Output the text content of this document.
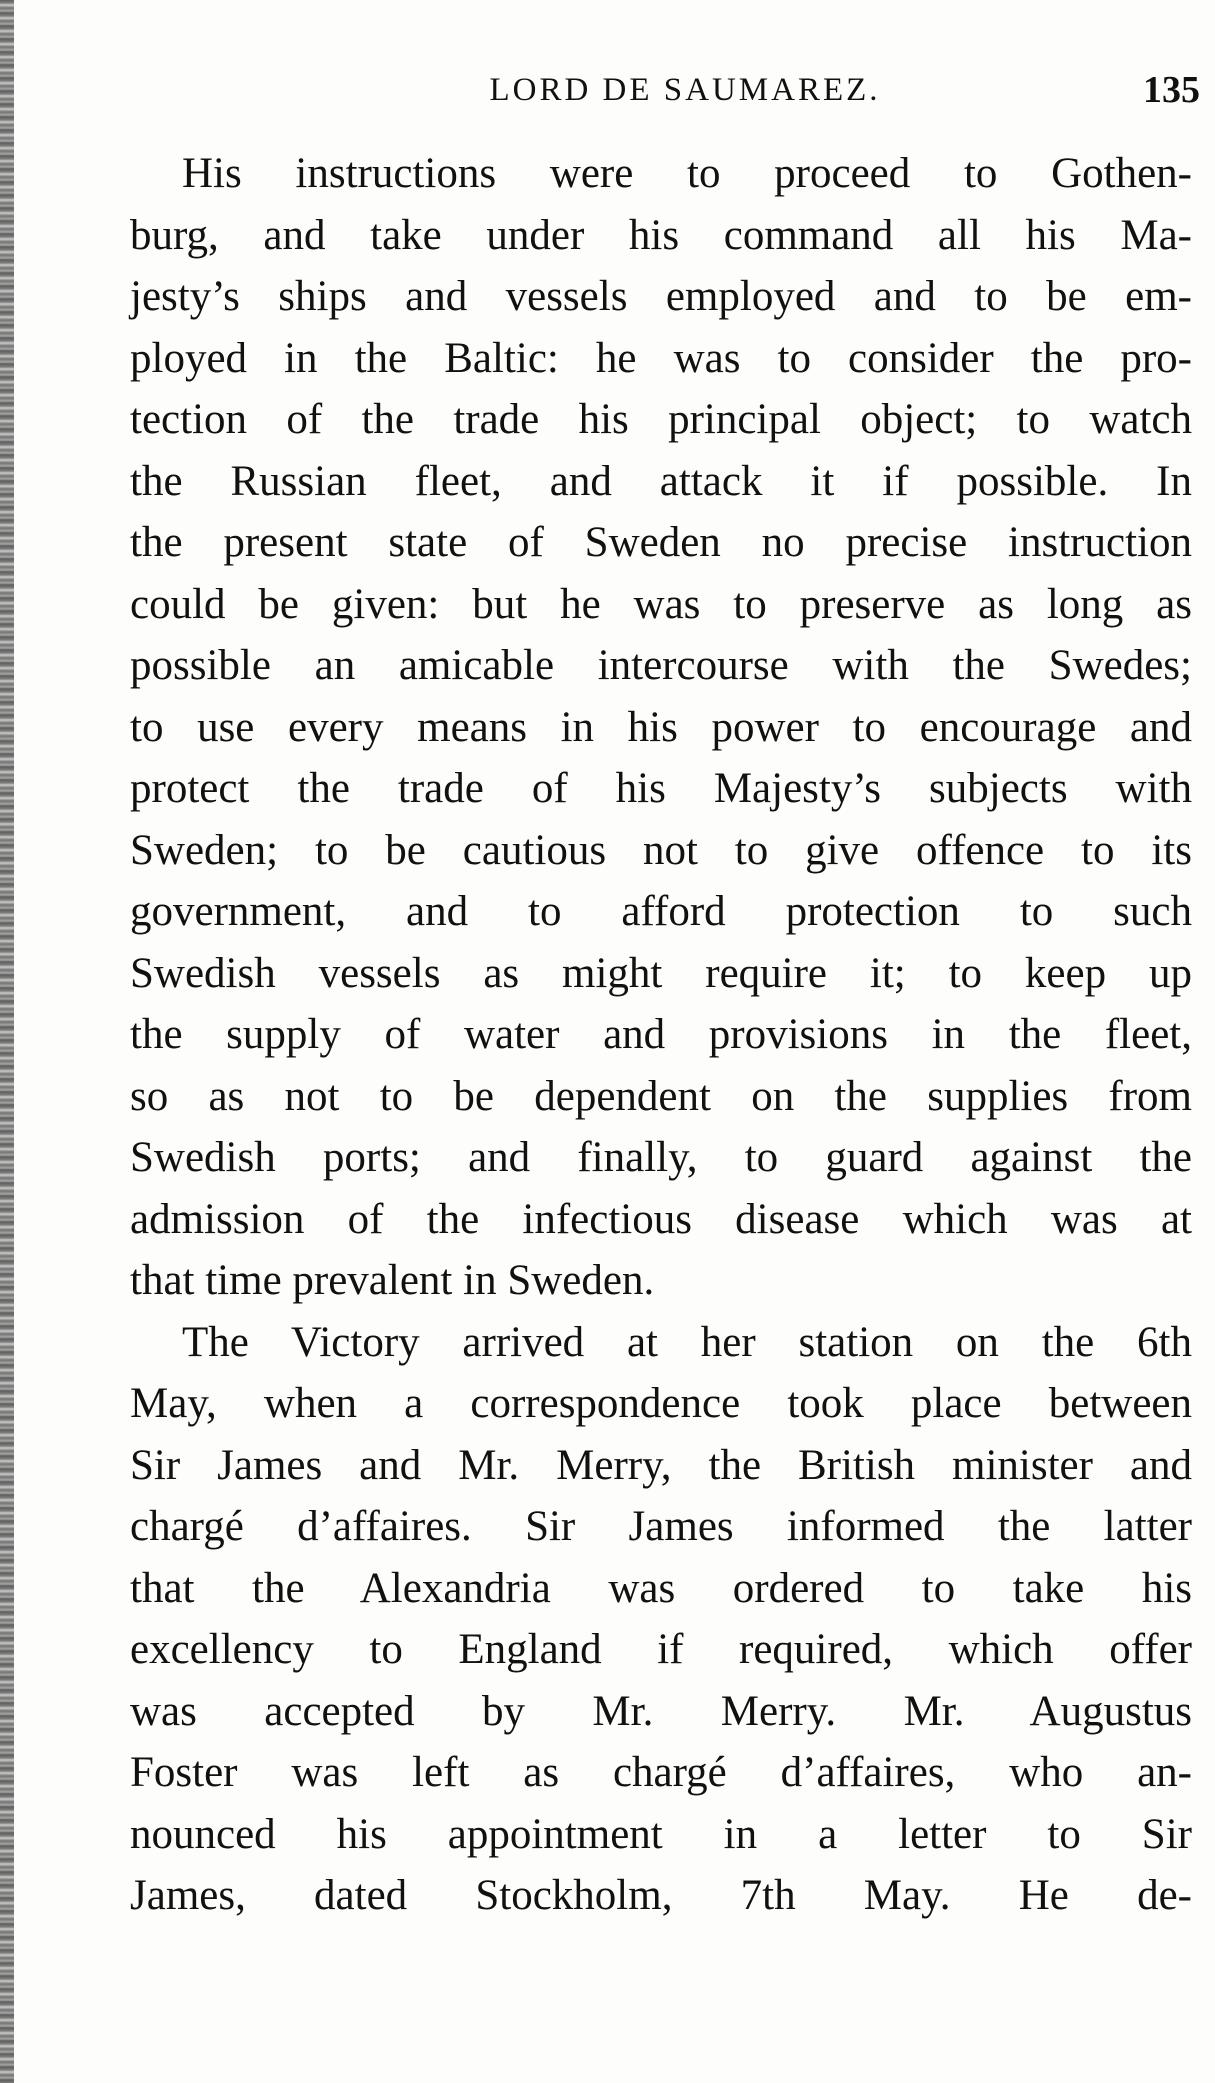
LORD DE SAUMAREZ.	135
His instructions were to proceed to Gothen-
burg, and take under his command all his Ma-
jesty’s ships and vessels employed and to be em-
ployed in the Baltic: he was to consider the pro-
tection of the trade his principal object; to watch
the Russian fleet, and attack it if possible. In
the present state of Sweden no precise instruction
could be given: but he was to preserve as long as
possible an amicable intercourse with the Swedes;
to use every means in his power to encourage and
protect the trade of his Majesty’s subjects with
Sweden; to be cautious not to give offence to its
government, and to afford protection to such
Swedish vessels as might require it; to keep up
the supply of water and provisions in the fleet,
so as not to be dependent on the supplies from
Swedish ports; and finally, to guard against the
admission of the infectious disease which was at
that time prevalent in Sweden.
The Victory arrived at her station on the 6th
May, when a correspondence took place between
Sir James and Mr. Merry, the British minister and
chargé d’affaires. Sir James informed the latter
that the Alexandria was ordered to take his
excellency to England if required, which offer
was accepted by Mr. Merry. Mr. Augustus
Foster was left as chargé d’affaires, who an-
nounced his appointment in a letter to Sir
James, dated Stockholm, 7th May. He de-
